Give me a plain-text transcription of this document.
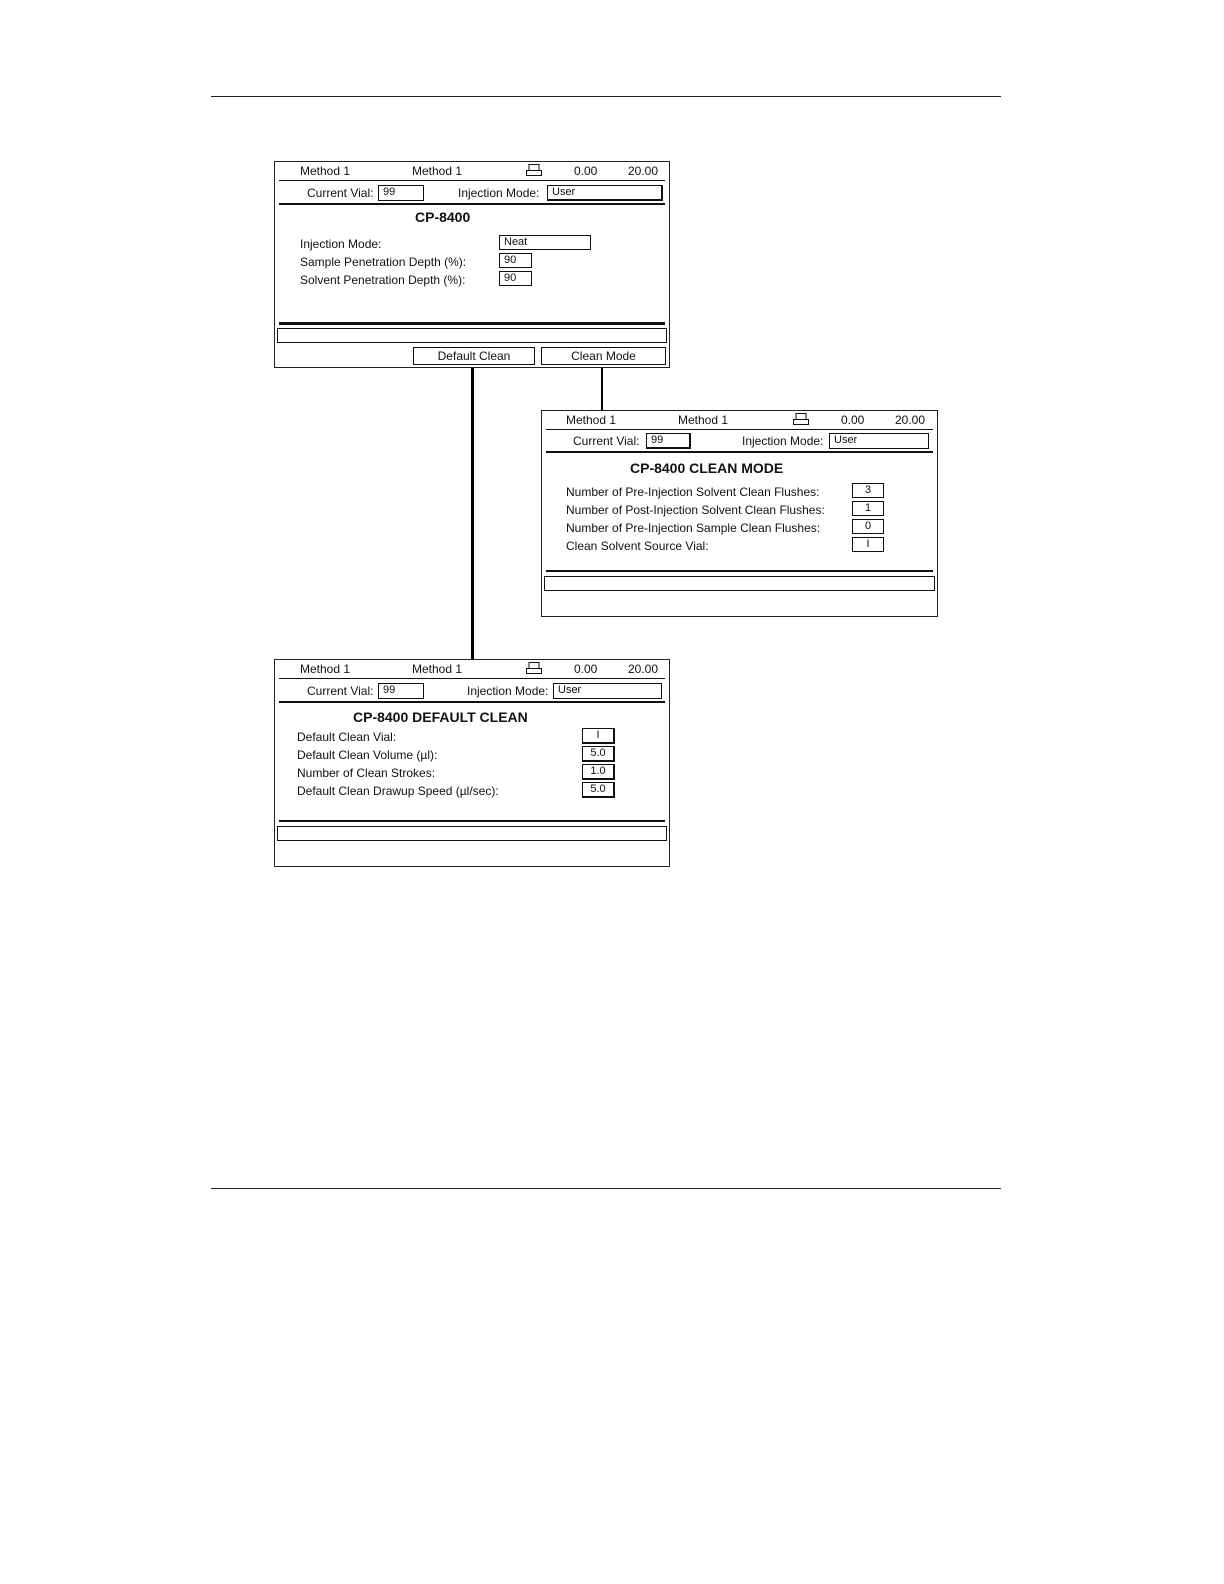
Method 1	Method 1	0.00	20.00
Current Vial: 99	Injection Mode:	User
CP-8400
Injection Mode:	Neat
Sample Penetration Depth (%):	90
Solvent Penetration Depth (%):	90
Default Clean	Clean Mode
Method 1	Method 1	0.00	20.00
Current Vial:	99	Injection Mode: User
CP-8400 CLEAN MODE
Number of Pre-Injection Solvent Clean Flushes:	3
Number of Post-Injection Solvent Clean Flushes:	1
Number of Pre-Injection Sample Clean Flushes:	0
Clean Solvent Source Vial:	I
Method 1	Method 1	0.00	20.00
Current Vial: 99	Injection Mode: User
CP-8400 DEFAULT CLEAN
Default Clean Vial:	I
Default Clean Volume (µl):	5.0
Number of Clean Strokes:	1.0
Default Clean Drawup Speed (µl/sec):	5.0
